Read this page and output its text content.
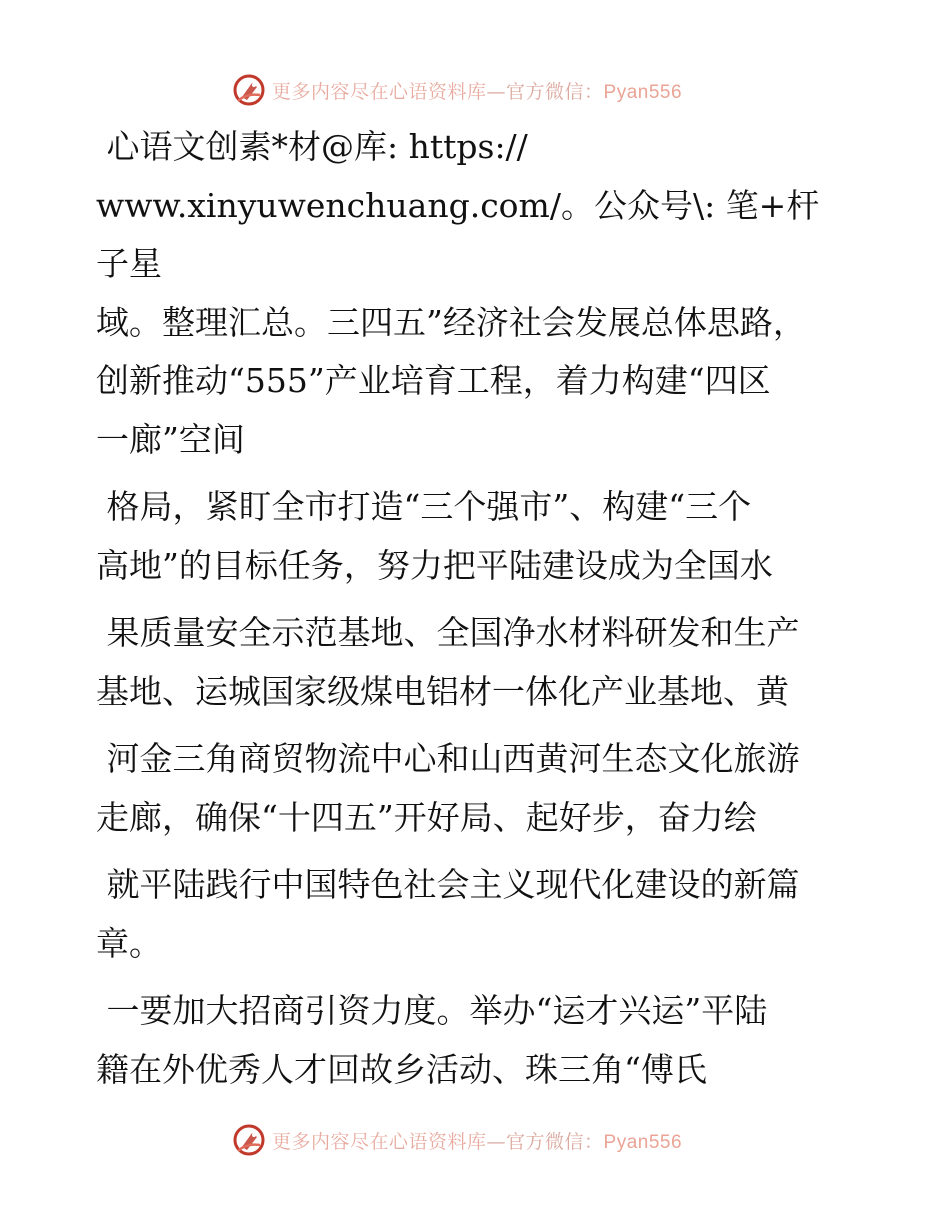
更多内容尽在心语资料库—官方微信：Pyan556

心语文创素*材@库: https://

www.xinyuwenchuang.com/。公众号\: 笔+杆子星

域。整理汇总。三四五”经济社会发展总体思路，

创新推动“555”产业培育工程，着力构建“四区

一廊”空间

格局，紧盯全市打造“三个强市”、构建“三个

高地”的目标任务，努力把平陆建设成为全国水

果质量安全示范基地、全国净水材料研发和生产

基地、运城国家级煤电铝材一体化产业基地、黄

河金三角商贸物流中心和山西黄河生态文化旅游

走廊，确保“十四五”开好局、起好步，奋力绘

就平陆践行中国特色社会主义现代化建设的新篇

章。

一要加大招商引资力度。举办“运才兴运”平陆

籍在外优秀人才回故乡活动、珠三角“傅氏

更多内容尽在心语资料库—官方微信：Pyan556
